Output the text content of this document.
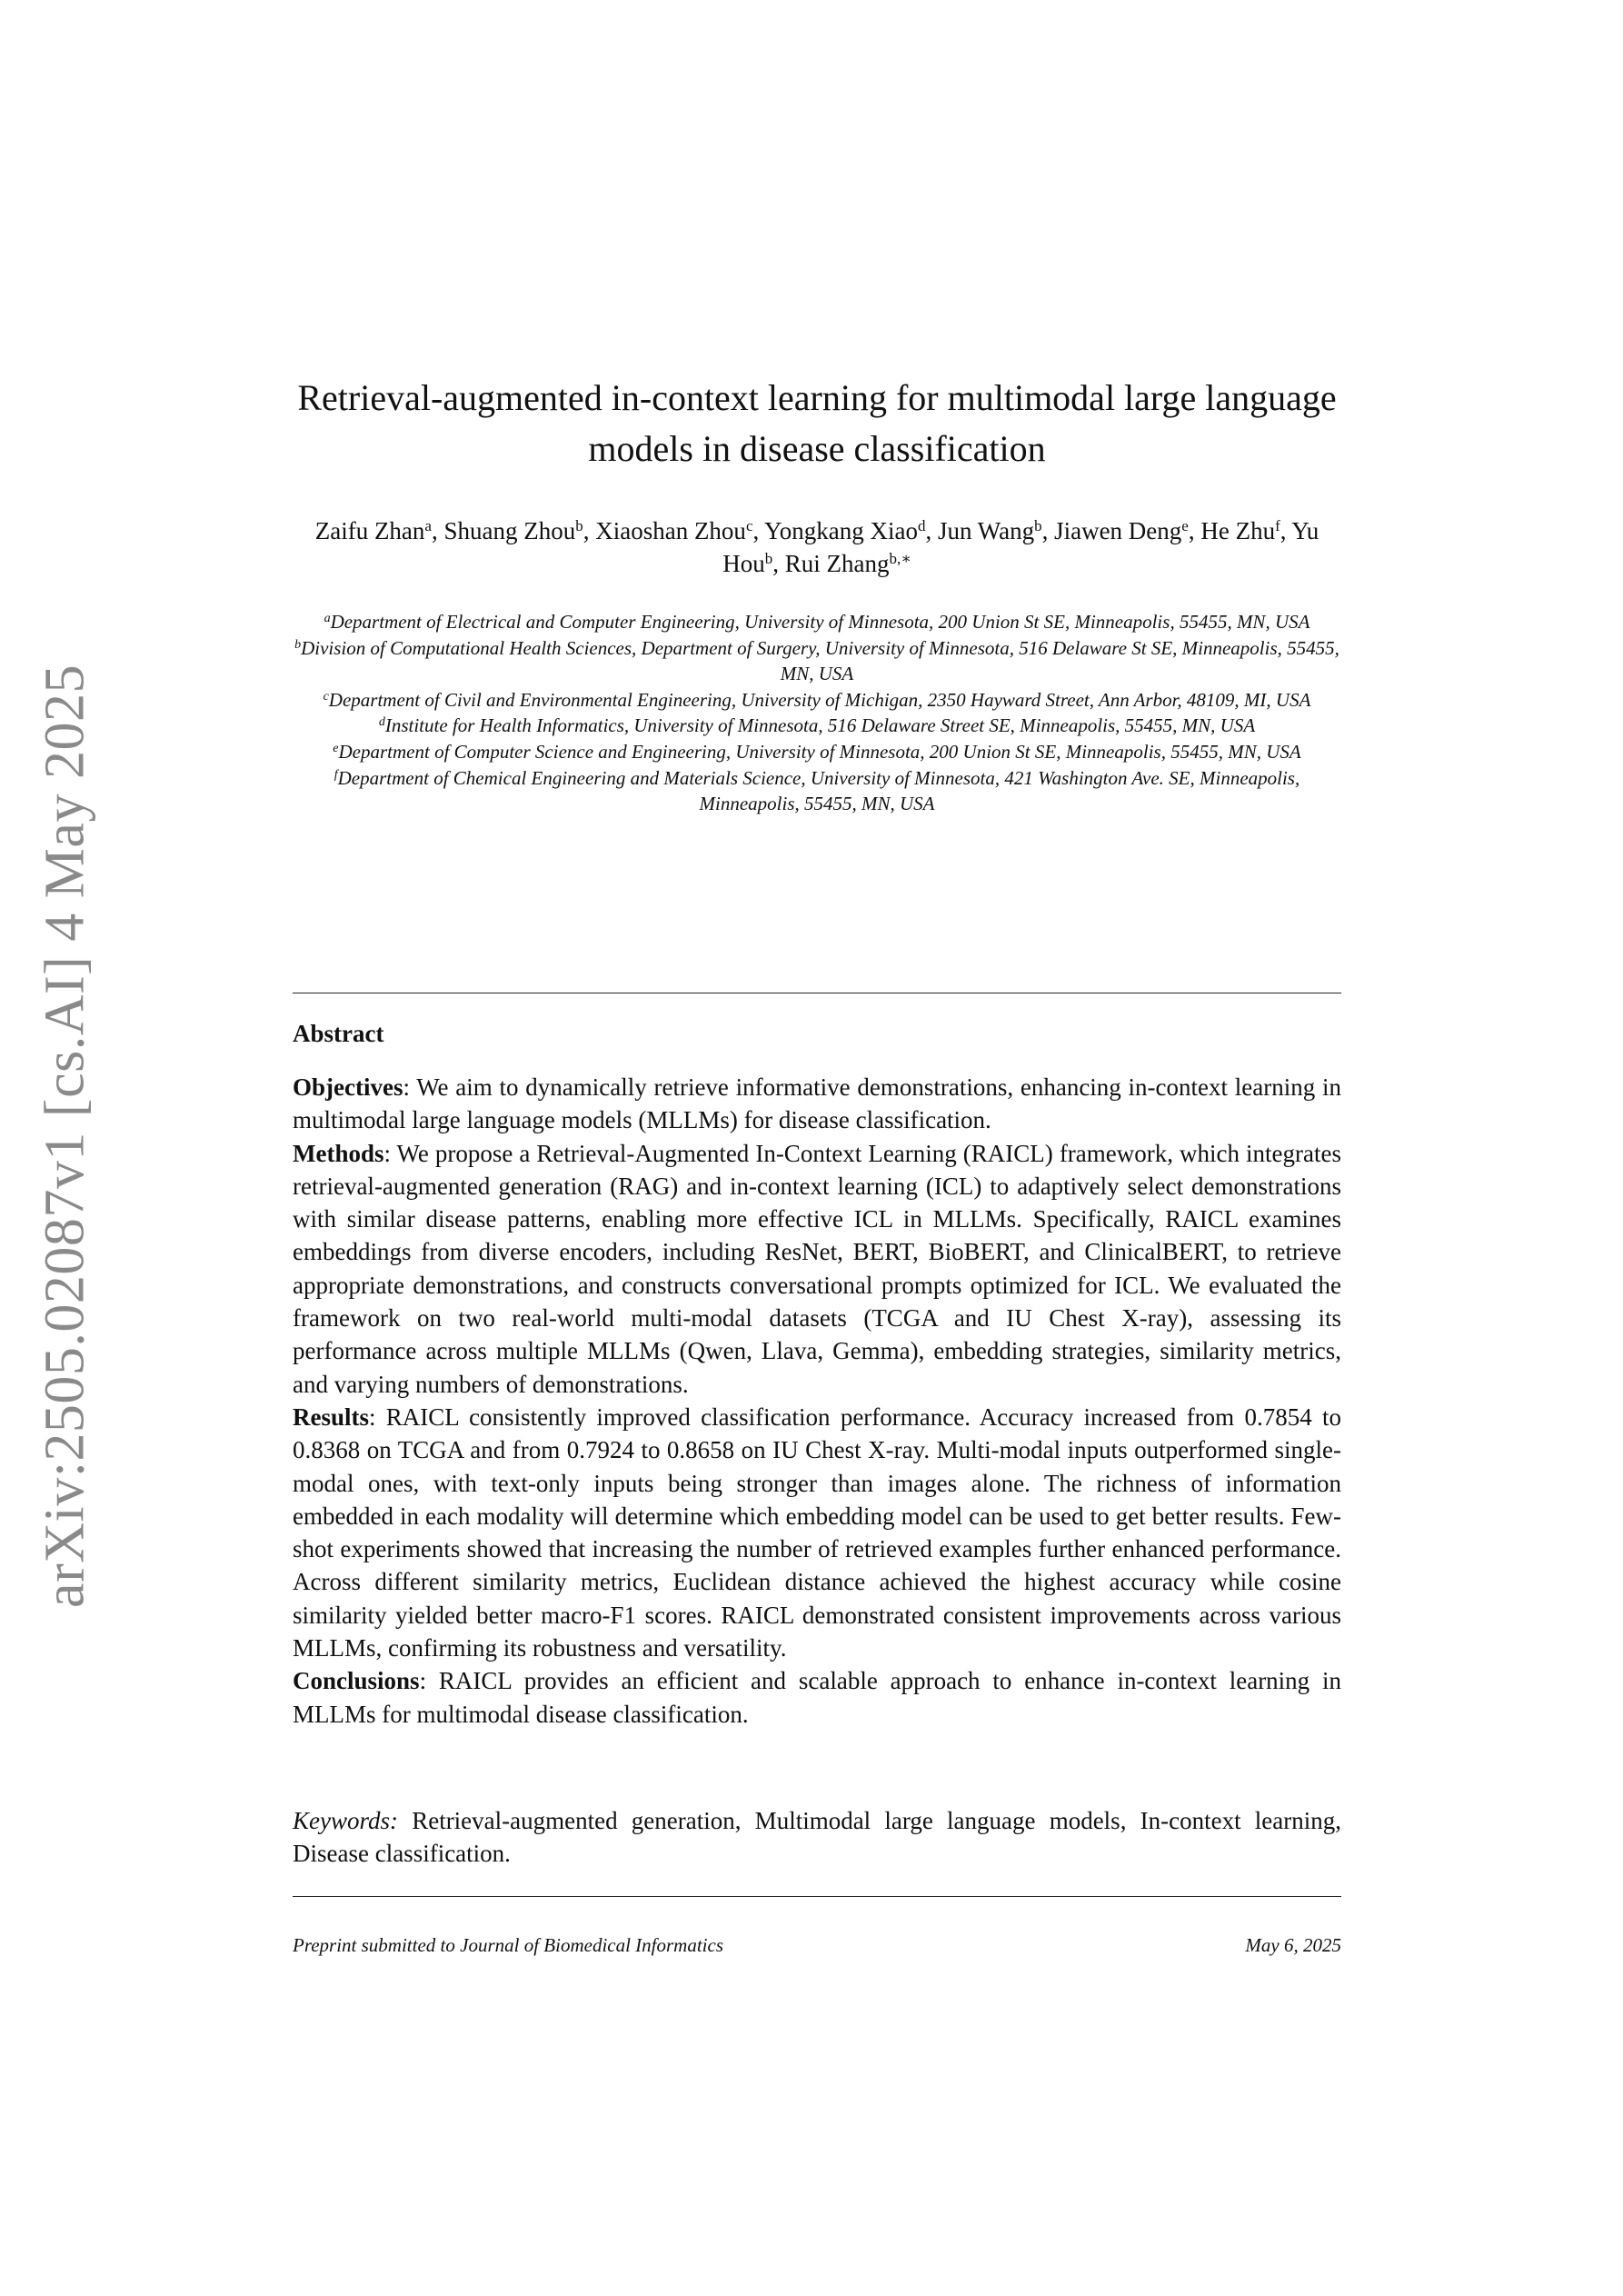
arXiv:2505.02087v1 [cs.AI] 4 May 2025
Retrieval-augmented in-context learning for multimodal large language models in disease classification
Zaifu Zhan$^a$, Shuang Zhou$^b$, Xiaoshan Zhou$^c$, Yongkang Xiao$^d$, Jun Wang$^b$, Jiawen Deng$^e$, He Zhu$^f$, Yu Hou$^b$, Rui Zhang$^{b,∗}$

$^a$Department of Electrical and Computer Engineering, University of Minnesota, 200 Union St SE, Minneapolis, 55455, MN, USA

$^b$Division of Computational Health Sciences, Department of Surgery, University of Minnesota, 516 Delaware St SE, Minneapolis, 55455, MN, USA

$^c$Department of Civil and Environmental Engineering, University of Michigan, 2350 Hayward Street, Ann Arbor, 48109, MI, USA

$^d$Institute for Health Informatics, University of Minnesota, 516 Delaware Street SE, Minneapolis, 55455, MN, USA

$^e$Department of Computer Science and Engineering, University of Minnesota, 200 Union St SE, Minneapolis, 55455, MN, USA

$^f$Department of Chemical Engineering and Materials Science, University of Minnesota, 421 Washington Ave. SE, Minneapolis, Minneapolis, 55455, MN, USA

Abstract

Objectives: We aim to dynamically retrieve informative demonstrations, enhancing in-context learning in multimodal large language models (MLLMs) for disease classification.

Methods: We propose a Retrieval-Augmented In-Context Learning (RAICL) framework, which integrates retrieval-augmented generation (RAG) and in-context learning (ICL) to adaptively select demonstrations with similar disease patterns, enabling more effective ICL in MLLMs. Specifically, RAICL examines embeddings from diverse encoders, including ResNet, BERT, BioBERT, and ClinicalBERT, to retrieve appropriate demonstrations, and constructs conversational prompts optimized for ICL. We evaluated the framework on two real-world multi-modal datasets (TCGA and IU Chest X-ray), assessing its performance across multiple MLLMs (Qwen, Llava, Gemma), embedding strategies, similarity metrics, and varying numbers of demonstrations.

Results: RAICL consistently improved classification performance. Accuracy increased from 0.7854 to 0.8368 on TCGA and from 0.7924 to 0.8658 on IU Chest X-ray. Multi-modal inputs outperformed single-modal ones, with text-only inputs being stronger than images alone. The richness of information embedded in each modality will determine which embedding model can be used to get better results. Few-shot experiments showed that increasing the number of retrieved examples further enhanced performance. Across different similarity metrics, Euclidean distance achieved the highest accuracy while cosine similarity yielded better macro-F1 scores. RAICL demonstrated consistent improvements across various MLLMs, confirming its robustness and versatility.

Conclusions: RAICL provides an efficient and scalable approach to enhance in-context learning in MLLMs for multimodal disease classification.

Keywords: Retrieval-augmented generation, Multimodal large language models, In-context learning, Disease classification.
Preprint submitted to Journal of Biomedical Informatics	May 6, 2025
